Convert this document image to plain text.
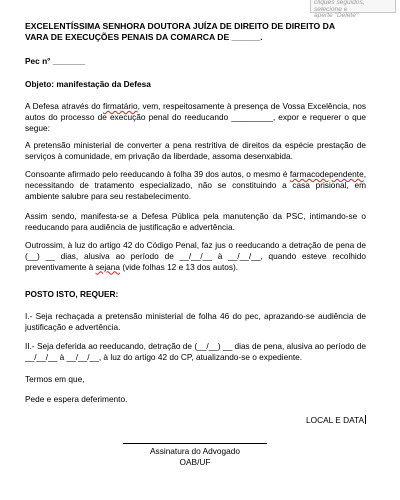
cliques seguidos, selecione e
aperte "Delete"
EXCELENTÍSSIMA SENHORA DOUTORA JUÍZA DE DIREITO DE DIREITO DA
VARA DE EXECUÇÕES PENAIS DA COMARCA DE ______.
Pec n° _______
Objeto: manifestação da Defesa

A Defesa através do firmatário, vem, respeitosamente à presença de Vossa Excelência, nos autos do processo de execução penal do reeducando _________, expor e requerer o que segue:

A pretensão ministerial de converter a pena restritiva de direitos da espécie prestação de serviços à comunidade, em privação da liberdade, assoma desenxabida.

Consoante afirmado pelo reeducando à folha 39 dos autos, o mesmo é farmacodependente, necessitando de tratamento especializado, não se constituindo a casa prisional, em ambiente salubre para seu restabelecimento.

Assim sendo, manifesta-se a Defesa Pública pela manutenção da PSC, intimando-se o reeducando para audiência de justificação e advertência.

Outrossim, à luz do artigo 42 do Código Penal, faz jus o reeducando a detração de pena de (__) __ dias, alusiva ao período de __/__/__ à __/__/__, quando esteve recolhido preventivamente à sejana (vide folhas 12 e 13 dos autos).

POSTO ISTO, REQUER:

I.- Seja rechaçada a pretensão ministerial de folha 46 do pec, aprazando-se audiência de justificação e advertência.

II.- Seja deferida ao reeducando, detração de (__/__) __ dias de pena, alusiva ao período de __/__/__ à __/__/__, à luz do artigo 42 do CP, atualizando-se o expediente.

Termos em que,
Pede e espera deferimento.
LOCAL E DATA
Assinatura do Advogado
OAB/UF
